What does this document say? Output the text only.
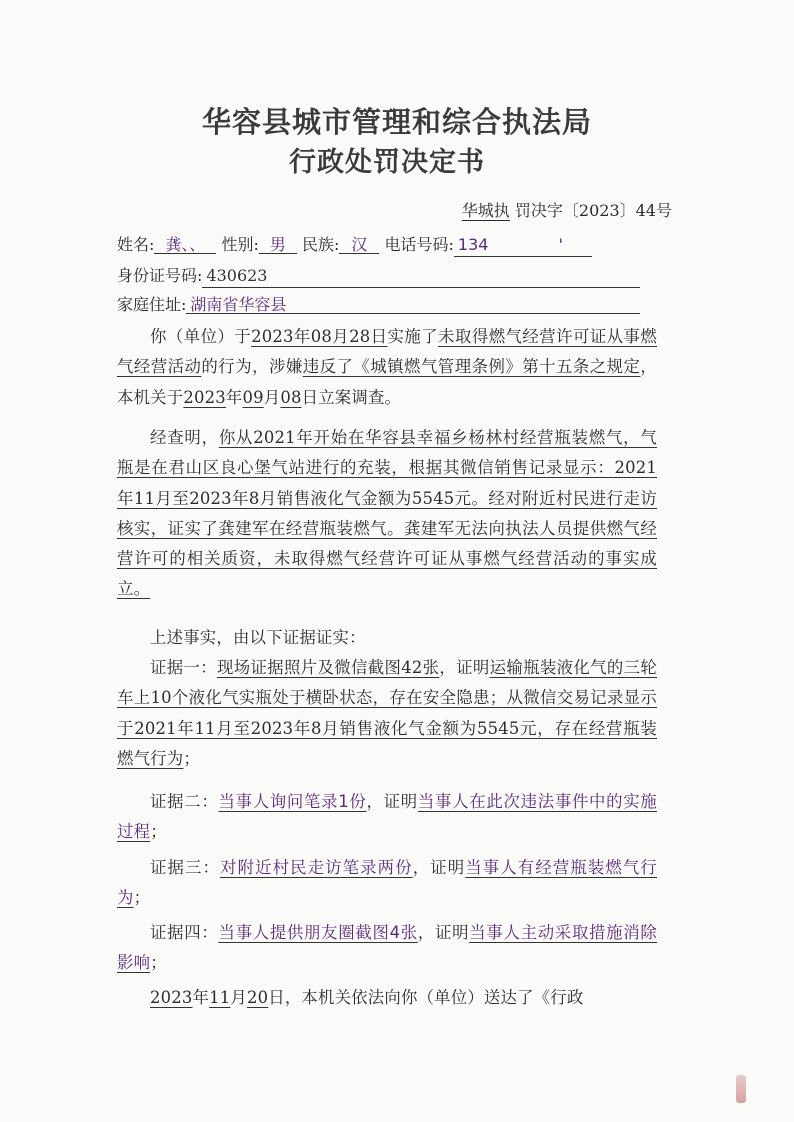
华容县城市管理和综合执法局
行政处罚决定书
华城执 罚决字〔2023〕44号
姓名: 龚、、 性别: 男 民族: 汉 电话号码: 134	'
身份证号码: 430623
家庭住址: 湖南省华容县
你（单位）于2023年08月28日实施了未取得燃气经营许可证从事燃气经营活动的行为，涉嫌违反了《城镇燃气管理条例》第十五条之规定，本机关于2023年09月08日立案调查。
经查明，你从2021年开始在华容县幸福乡杨林村经营瓶装燃气，气瓶是在君山区良心堡气站进行的充装，根据其微信销售记录显示：2021年11月至2023年8月销售液化气金额为5545元。经对附近村民进行走访核实，证实了龚建军在经营瓶装燃气。龚建军无法向执法人员提供燃气经营许可的相关质资，未取得燃气经营许可证从事燃气经营活动的事实成立。
上述事实，由以下证据证实：
证据一：现场证据照片及微信截图42张，证明运输瓶装液化气的三轮车上10个液化气实瓶处于横卧状态，存在安全隐患；从微信交易记录显示于2021年11月至2023年8月销售液化气金额为5545元，存在经营瓶装燃气行为；
证据二：当事人询问笔录1份，证明当事人在此次违法事件中的实施过程；
证据三：对附近村民走访笔录两份，证明当事人有经营瓶装燃气行为；
证据四：当事人提供朋友圈截图4张，证明当事人主动采取措施消除影响；
2023年11月20日，本机关依法向你（单位）送达了《行政
